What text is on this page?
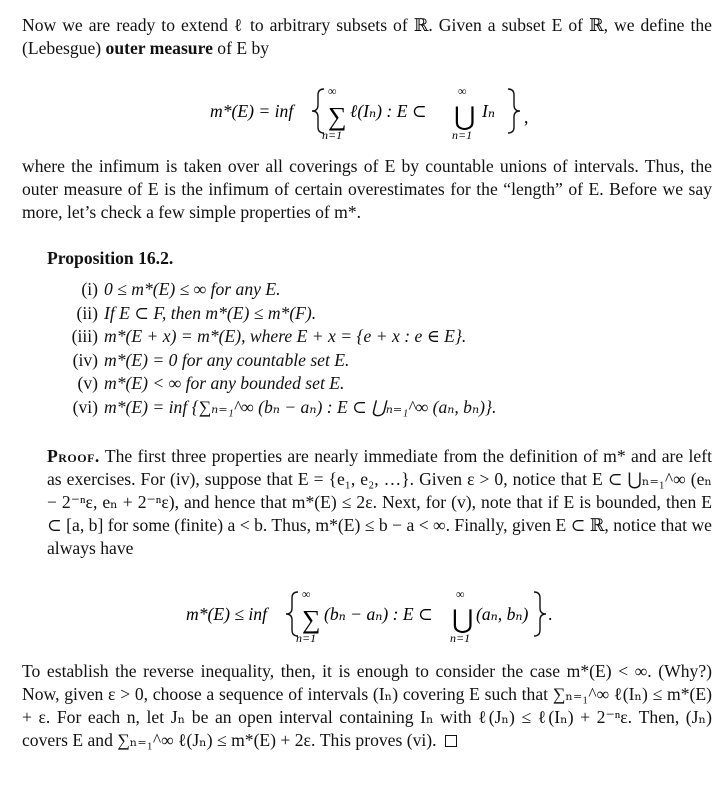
Now we are ready to extend ℓ to arbitrary subsets of ℝ. Given a subset E of ℝ, we define the (Lebesgue) outer measure of E by
m*(E) = inf
∞
∑
n=1
ℓ(Iₙ) : E ⊂
∞
⋃
n=1
Iₙ ,
where the infimum is taken over all coverings of E by countable unions of intervals. Thus, the outer measure of E is the infimum of certain overestimates for the “length” of E. Before we say more, let’s check a few simple properties of m*.
Proposition 16.2.
(i) 0 ≤ m*(E) ≤ ∞ for any E.
(ii) If E ⊂ F, then m*(E) ≤ m*(F).
(iii) m*(E + x) = m*(E), where E + x = {e + x : e ∈ E}.
(iv) m*(E) = 0 for any countable set E.
(v) m*(E) < ∞ for any bounded set E.
(vi) m*(E) = inf {∑ₙ₌₁^∞ (bₙ − aₙ) : E ⊂ ⋃ₙ₌₁^∞ (aₙ, bₙ)}.
Proof. The first three properties are nearly immediate from the definition of m* and are left as exercises. For (iv), suppose that E = {e₁, e₂, …}. Given ε > 0, notice that E ⊂ ⋃ₙ₌₁^∞ (eₙ − 2⁻ⁿε, eₙ + 2⁻ⁿε), and hence that m*(E) ≤ 2ε. Next, for (v), note that if E is bounded, then E ⊂ [a, b] for some (finite) a < b. Thus, m*(E) ≤ b − a < ∞. Finally, given E ⊂ ℝ, notice that we always have
m*(E) ≤ inf
∞
∑
n=1
(bₙ − aₙ) : E ⊂
∞
⋃
n=1
(aₙ, bₙ) .
To establish the reverse inequality, then, it is enough to consider the case m*(E) < ∞. (Why?) Now, given ε > 0, choose a sequence of intervals (Iₙ) covering E such that ∑ₙ₌₁^∞ ℓ(Iₙ) ≤ m*(E) + ε. For each n, let Jₙ be an open interval containing Iₙ with ℓ(Jₙ) ≤ ℓ(Iₙ) + 2⁻ⁿε. Then, (Jₙ) covers E and ∑ₙ₌₁^∞ ℓ(Jₙ) ≤ m*(E) + 2ε. This proves (vi).
